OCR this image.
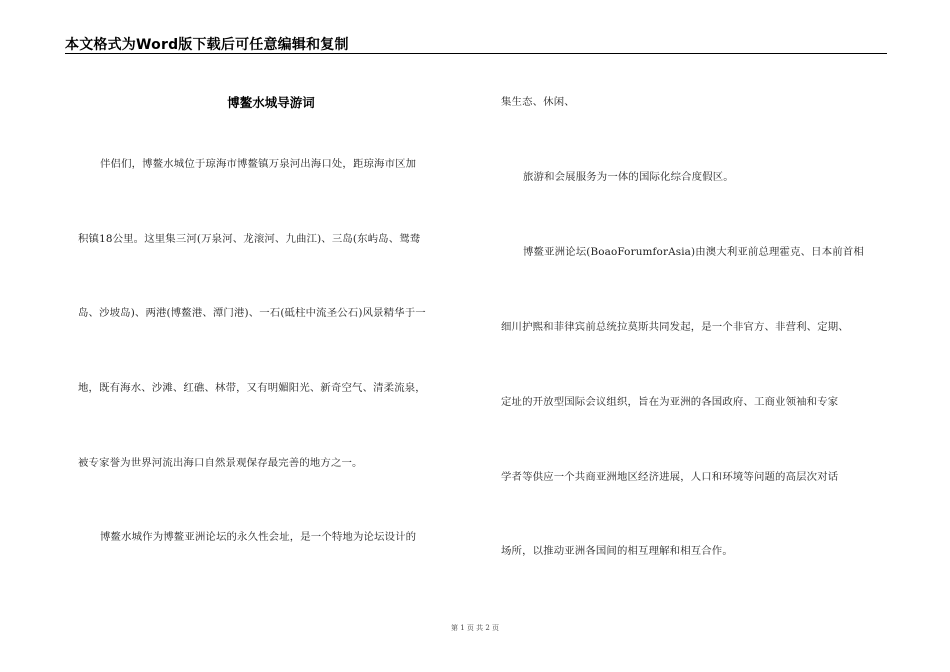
本文格式为Word版下载后可任意编辑和复制
博鳌水城导游词
伴侣们，博鳌水城位于琼海市博鳌镇万泉河出海口处，距琼海市区加
积镇18公里。这里集三河(万泉河、龙滚河、九曲江)、三岛(东屿岛、鸳鸯
岛、沙坡岛)、两港(博鳌港、潭门港)、一石(砥柱中流圣公石)风景精华于一
地，既有海水、沙滩、红礁、林带，又有明媚阳光、新奇空气、清柔流泉，
被专家誉为世界河流出海口自然景观保存最完善的地方之一。
博鳌水城作为博鳌亚洲论坛的永久性会址，是一个特地为论坛设计的
集生态、休闲、
旅游和会展服务为一体的国际化综合度假区。
博鳌亚洲论坛(BoaoForumforAsia)由澳大利亚前总理霍克、日本前首相
细川护熙和菲律宾前总统拉莫斯共同发起，是一个非官方、非营利、定期、
定址的开放型国际会议组织，旨在为亚洲的各国政府、工商业领袖和专家
学者等供应一个共商亚洲地区经济进展，人口和环境等问题的高层次对话
场所，以推动亚洲各国间的相互理解和相互合作。
第 1 页 共 2 页
